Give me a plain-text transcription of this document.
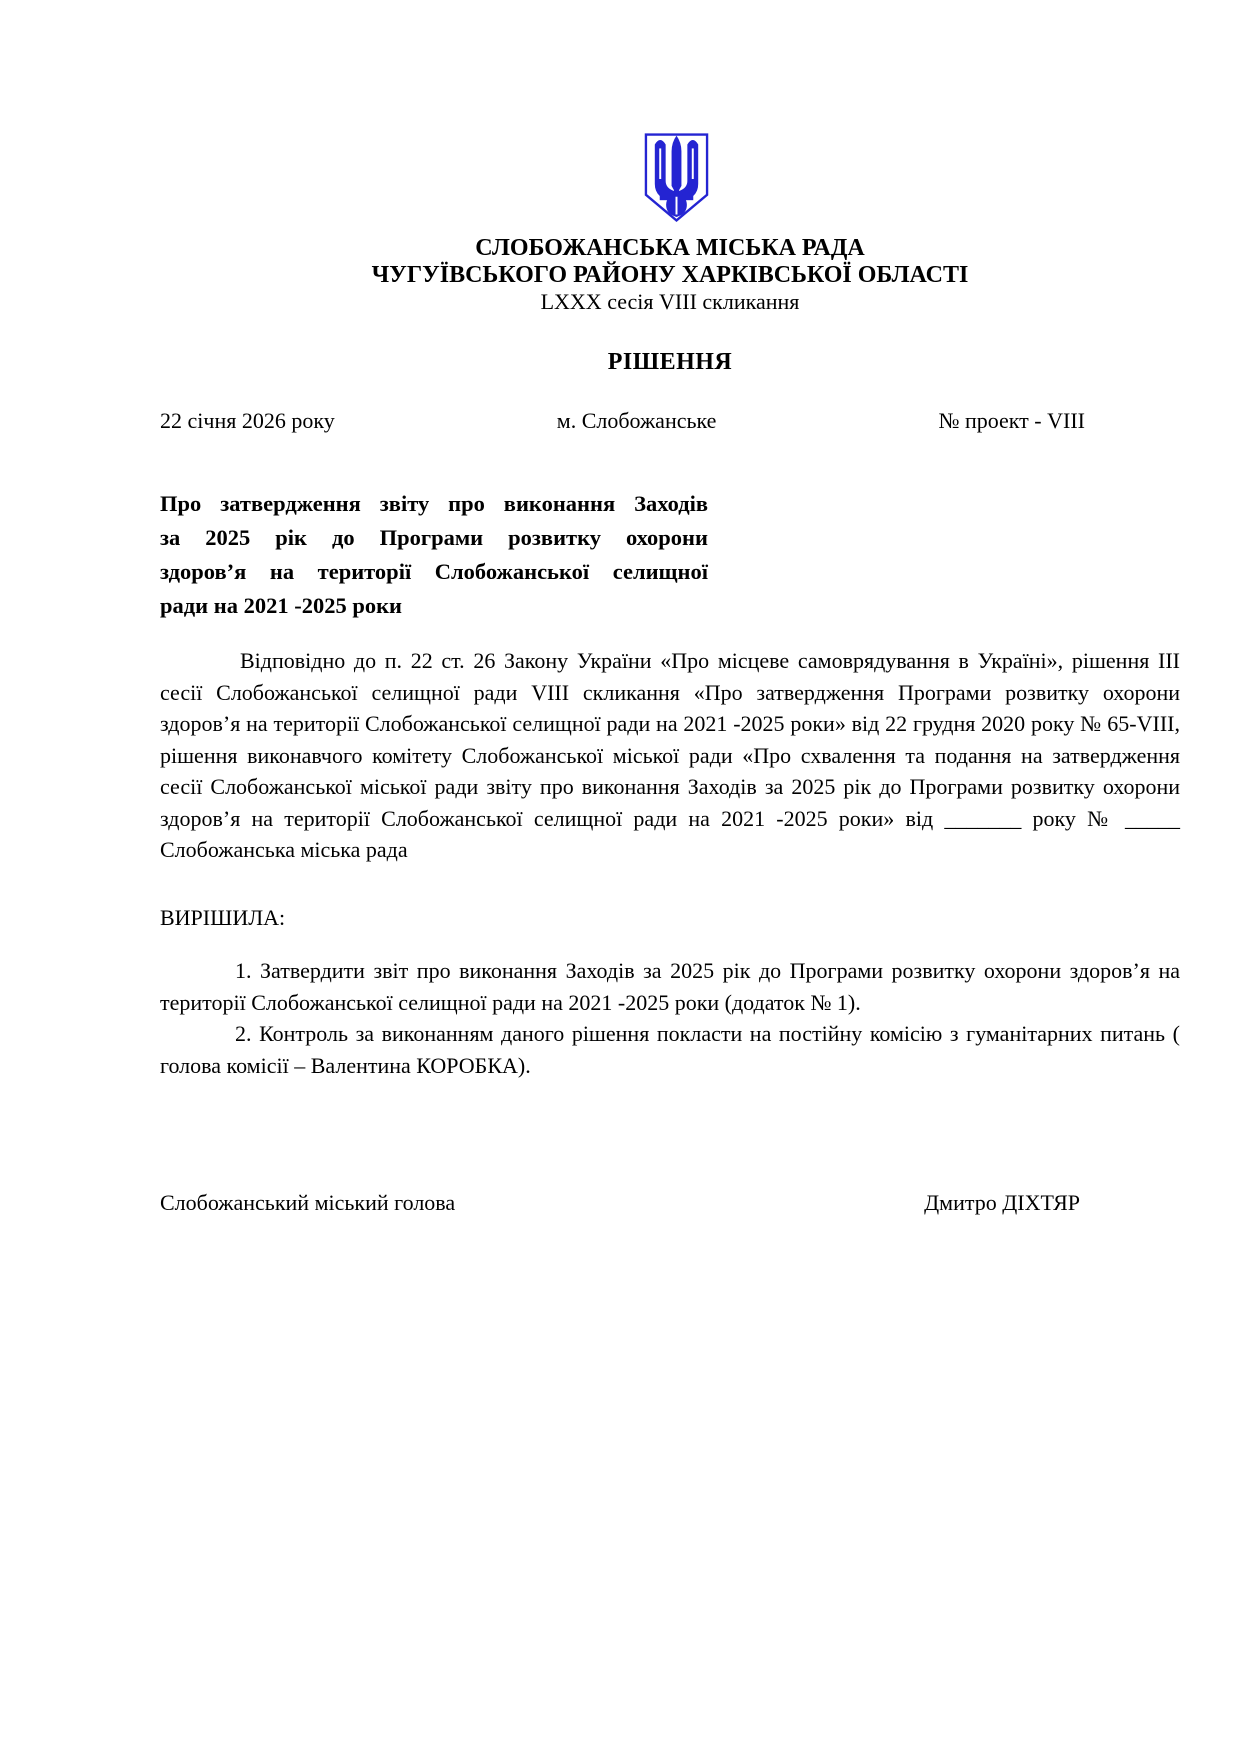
СЛОБОЖАНСЬКА МІСЬКА РАДА
ЧУГУЇВСЬКОГО РАЙОНУ ХАРКІВСЬКОЇ ОБЛАСТІ
LXXX сесія VIII скликання
РІШЕННЯ
22 січня 2026 року	м. Слобожанське	№ проект - VIII
Про затвердження звіту про виконання Заходів
за 2025 рік до Програми розвитку охорони
здоров’я на території Слобожанської селищної
ради на 2021 -2025 роки
Відповідно до п. 22 ст. 26 Закону України «Про місцеве самоврядування в Україні», рішення ІІІ сесії Слобожанської селищної ради VIII скликання «Про затвердження Програми розвитку охорони здоров’я на території Слобожанської селищної ради на 2021 -2025 роки» від 22 грудня 2020 року № 65-VIII, рішення виконавчого комітету Слобожанської міської ради «Про схвалення та подання на затвердження сесії Слобожанської міської ради звіту про виконання Заходів за 2025 рік до Програми розвитку охорони здоров’я на території Слобожанської селищної ради на 2021 -2025 роки» від _______ року № _____ Слобожанська міська рада
ВИРІШИЛА:

1. Затвердити звіт про виконання Заходів за 2025 рік до Програми розвитку охорони здоров’я на території Слобожанської селищної ради на 2021 -2025 роки (додаток № 1).

2. Контроль за виконанням даного рішення покласти на постійну комісію з гуманітарних питань ( голова комісії – Валентина КОРОБКА).

Слобожанський міський голова	Дмитро ДІХТЯР
